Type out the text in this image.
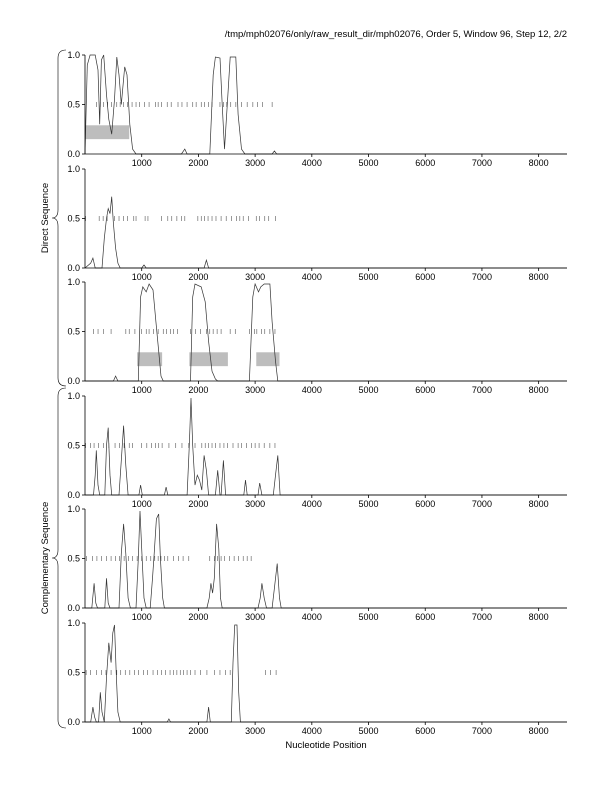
/tmp/mph02076/only/raw_result_dir/mph02076, Order 5, Window 96, Step 12, 2/2
0.0
0.5
1.0
1000	2000	3000	4000	5000	6000	7000	8000
0.0
0.5
1.0
1000	2000	3000	4000	5000	6000	7000	8000
0.0
0.5
1.0
1000	2000	3000	4000	5000	6000	7000	8000
0.0
0.5
1.0
1000	2000	3000	4000	5000	6000	7000	8000
0.0
0.5
1.0
1000	2000	3000	4000	5000	6000	7000	8000
0.0
0.5
1.0
1000	2000	3000	4000	5000	6000	7000	8000
Nucleotide Position
Direct Sequence
Complementary Sequence
